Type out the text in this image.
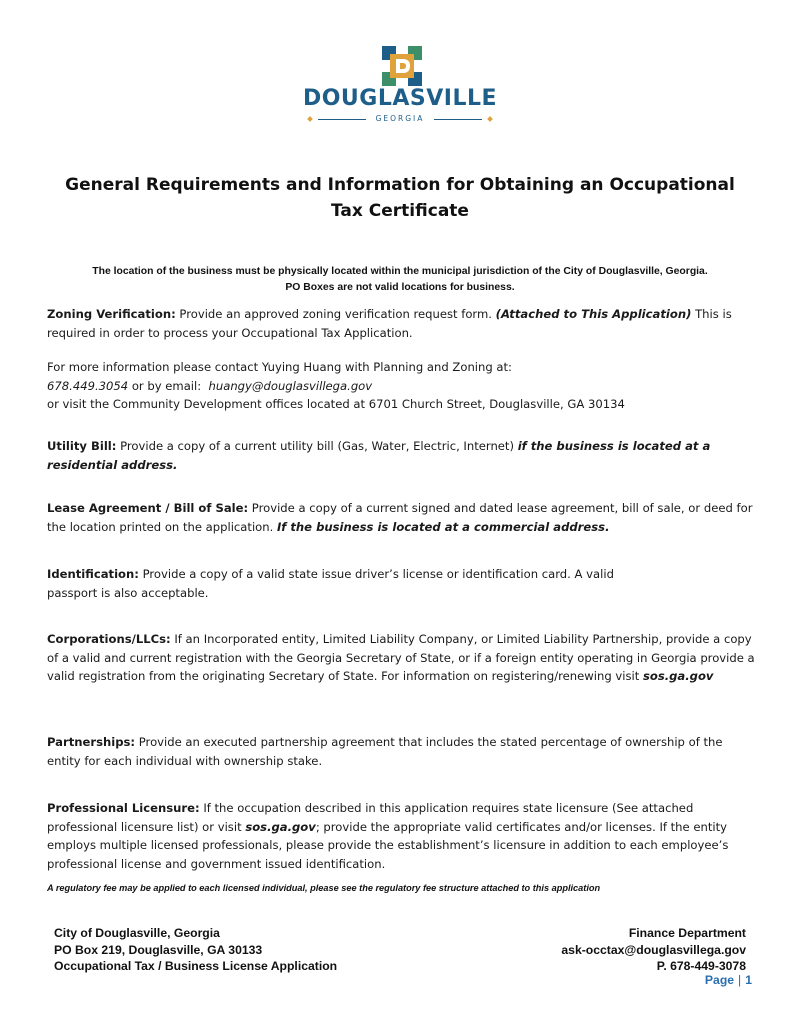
DOUGLASVILLE
GEORGIA
General Requirements and Information for Obtaining an Occupational
Tax Certificate
The location of the business must be physically located within the municipal jurisdiction of the City of Douglasville, Georgia.
PO Boxes are not valid locations for business.
Zoning Verification: Provide an approved zoning verification request form. (Attached to This Application) This is required in order to process your Occupational Tax Application.
For more information please contact Yuying Huang with Planning and Zoning at:
678.449.3054 or by email:  huangy@douglasvillega.gov
or visit the Community Development offices located at 6701 Church Street, Douglasville, GA 30134
Utility Bill: Provide a copy of a current utility bill (Gas, Water, Electric, Internet) if the business is located at a residential address.
Lease Agreement / Bill of Sale: Provide a copy of a current signed and dated lease agreement, bill of sale, or deed for the location printed on the application. If the business is located at a commercial address.
Identification: Provide a copy of a valid state issue driver’s license or identification card. A valid
passport is also acceptable.
Corporations/LLCs: If an Incorporated entity, Limited Liability Company, or Limited Liability Partnership, provide a copy of a valid and current registration with the Georgia Secretary of State, or if a foreign entity operating in Georgia provide a valid registration from the originating Secretary of State. For information on registering/renewing visit sos.ga.gov
Partnerships: Provide an executed partnership agreement that includes the stated percentage of ownership of the entity for each individual with ownership stake.
Professional Licensure: If the occupation described in this application requires state licensure (See attached professional licensure list) or visit sos.ga.gov; provide the appropriate valid certificates and/or licenses. If the entity employs multiple licensed professionals, please provide the establishment’s licensure in addition to each employee’s professional license and government issued identification.
A regulatory fee may be applied to each licensed individual, please see the regulatory fee structure attached to this application
City of Douglasville, Georgia
PO Box 219, Douglasville, GA 30133
Occupational Tax / Business License Application
Finance Department
ask-occtax@douglasvillega.gov
P. 678-449-3078
Page | 1
